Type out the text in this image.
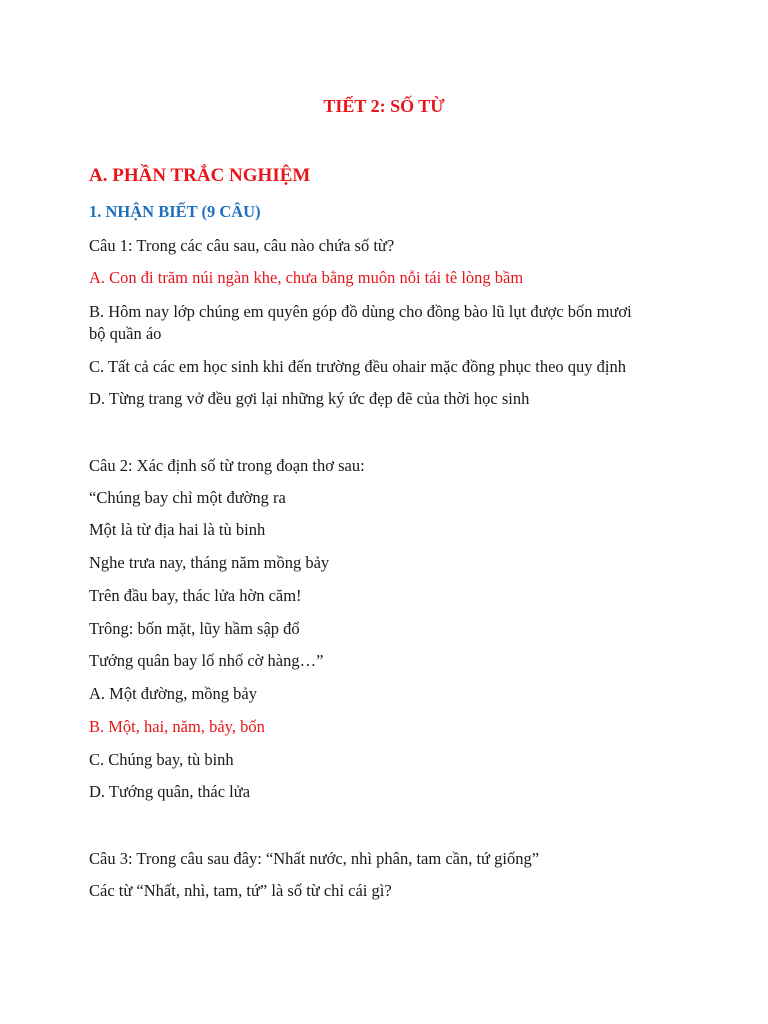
TIẾT 2: SỐ TỪ
A. PHẦN TRẮC NGHIỆM
1. NHẬN BIẾT (9 CÂU)
Câu 1: Trong các câu sau, câu nào chứa số từ?
A. Con đi trăm núi ngàn khe, chưa bằng muôn nỗi tái tê lòng bầm
B. Hôm nay lớp chúng em quyên góp đồ dùng cho đồng bào lũ lụt được bốn mươi
bộ quần áo
C. Tất cả các em học sinh khi đến trường đều ohair mặc đồng phục theo quy định
D. Từng trang vở đều gợi lại những ký ức đẹp đẽ của thời học sinh
Câu 2: Xác định số từ trong đoạn thơ sau:
“Chúng bay chỉ một đường ra
Một là từ địa hai là tù binh
Nghe trưa nay, tháng năm mồng bảy
Trên đầu bay, thác lửa hờn căm!
Trông: bốn mặt, lũy hầm sập đổ
Tướng quân bay lố nhố cờ hàng…”
A. Một đường, mồng bảy
B. Một, hai, năm, bảy, bốn
C. Chúng bay, tù binh
D. Tướng quân, thác lửa
Câu 3: Trong câu sau đây: “Nhất nước, nhì phân, tam cần, tứ giống”
Các từ “Nhất, nhì, tam, tứ” là số từ chỉ cái gì?
